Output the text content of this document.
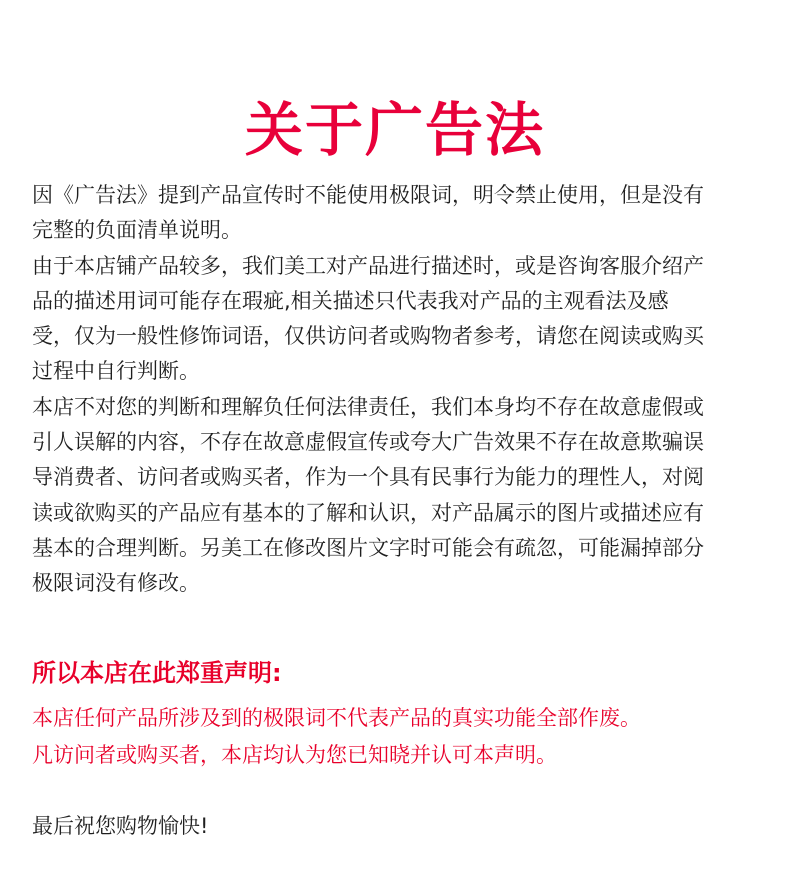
关于广告法
因《广告法》提到产品宣传时不能使用极限词，明令禁止使用，但是没有
完整的负面清单说明。
由于本店铺产品较多，我们美工对产品进行描述时，或是咨询客服介绍产
品的描述用词可能存在瑕疵,相关描述只代表我对产品的主观看法及感
受，仅为一般性修饰词语，仅供访问者或购物者参考，请您在阅读或购买
过程中自行判断。
本店不对您的判断和理解负任何法律责任，我们本身均不存在故意虚假或
引人误解的内容，不存在故意虚假宣传或夸大广告效果不存在故意欺骗误
导消费者、访问者或购买者，作为一个具有民事行为能力的理性人，对阅
读或欲购买的产品应有基本的了解和认识，对产品属示的图片或描述应有
基本的合理判断。另美工在修改图片文字时可能会有疏忽，可能漏掉部分
极限词没有修改。
所以本店在此郑重声明:
本店任何产品所涉及到的极限词不代表产品的真实功能全部作废。
凡访问者或购买者，本店均认为您已知晓并认可本声明。
最后祝您购物愉快!
